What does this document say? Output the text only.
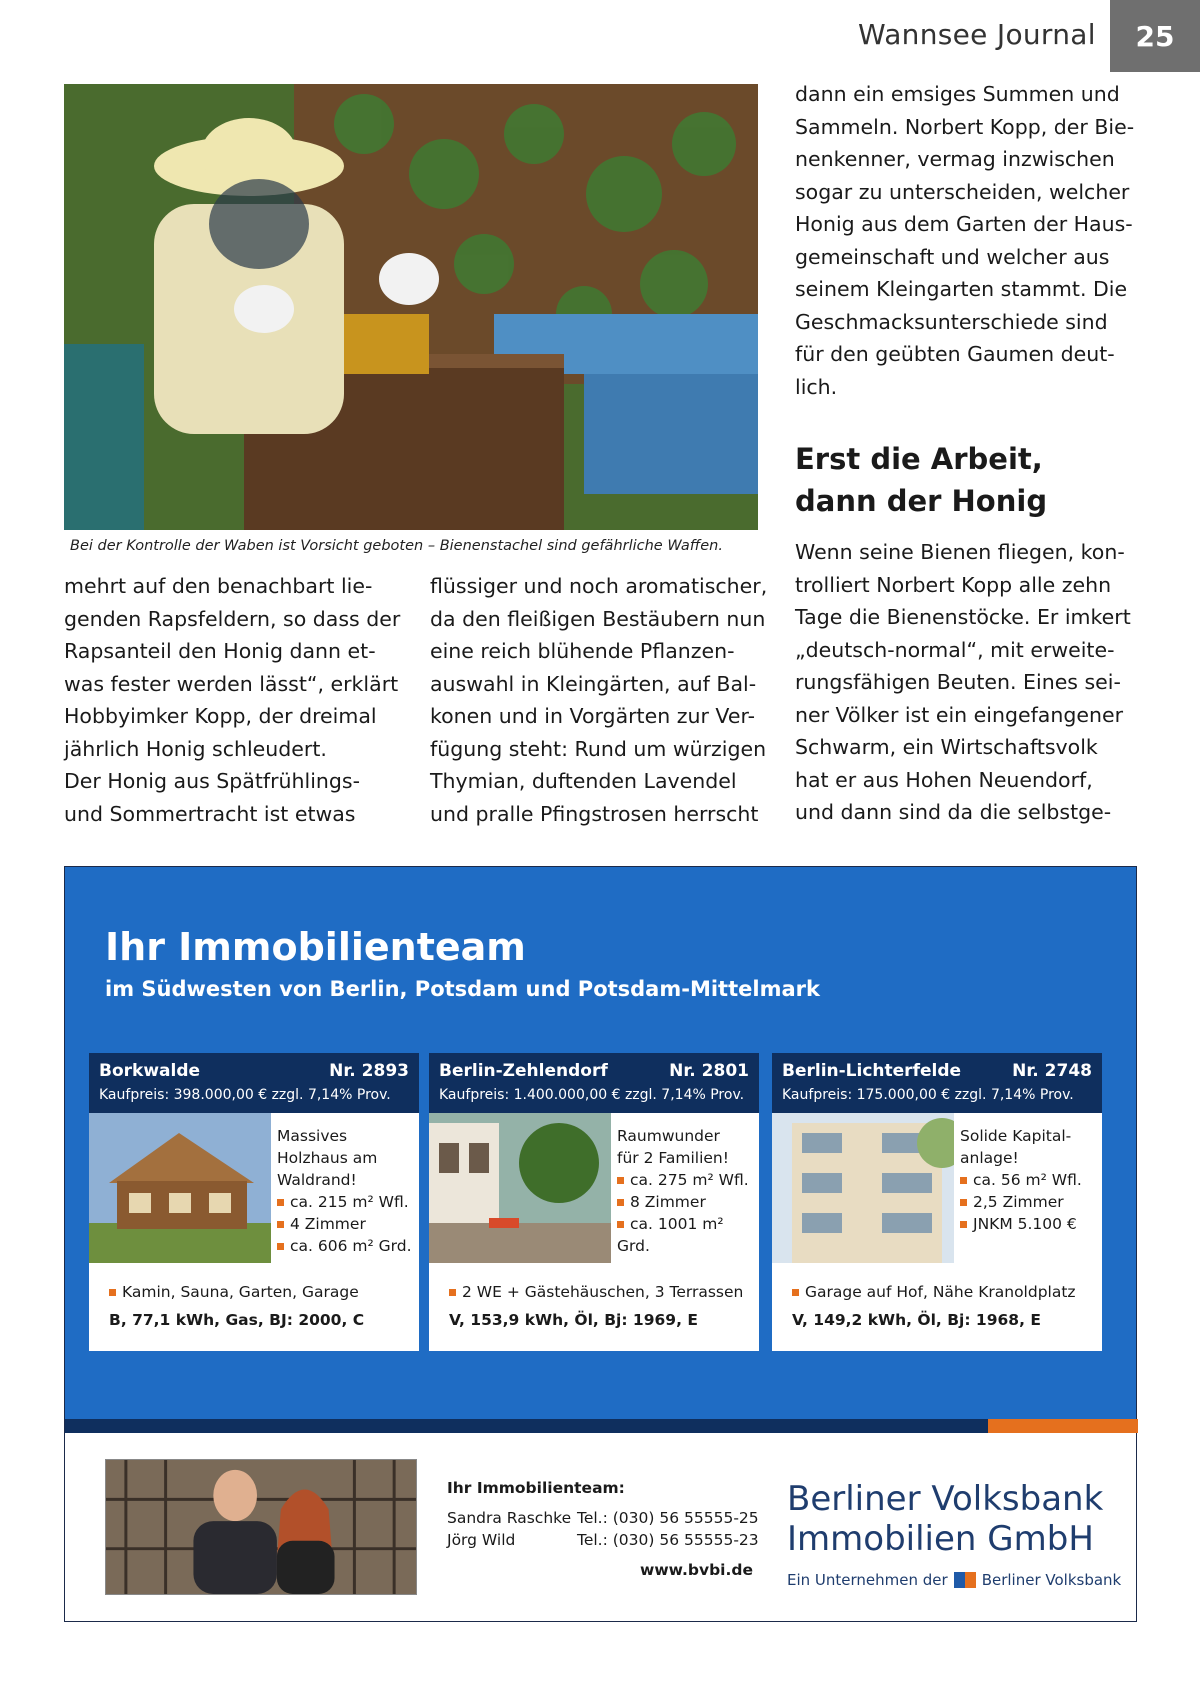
Wannsee Journal	25
Bei der Kontrolle der Waben ist Vorsicht geboten – Bienenstachel sind gefährliche Waffen.

mehrt auf den benachbart lie-
genden Rapsfeldern, so dass der
Rapsanteil den Honig dann et-
was fester werden lässt“, erklärt
Hobbyimker Kopp, der dreimal
jährlich Honig schleudert.
Der Honig aus Spätfrühlings-
und Sommertracht ist etwas

flüssiger und noch aromatischer,
da den fleißigen Bestäubern nun
eine reich blühende Pflanzen-
auswahl in Kleingärten, auf Bal-
konen und in Vorgärten zur Ver-
fügung steht: Rund um würzigen
Thymian, duftenden Lavendel
und pralle Pfingstrosen herrscht

dann ein emsiges Summen und
Sammeln. Norbert Kopp, der Bie-
nenkenner, vermag inzwischen
sogar zu unterscheiden, welcher
Honig aus dem Garten der Haus-
gemeinschaft und welcher aus
seinem Kleingarten stammt. Die
Geschmacksunterschiede sind
für den geübten Gaumen deut-
lich.

Erst die Arbeit,
dann der Honig

Wenn seine Bienen fliegen, kon-
trolliert Norbert Kopp alle zehn
Tage die Bienenstöcke. Er imkert
„deutsch-normal“, mit erweite-
rungsfähigen Beuten. Eines sei-
ner Völker ist ein eingefangener
Schwarm, ein Wirtschaftsvolk
hat er aus Hohen Neuendorf,
und dann sind da die selbstge-

Ihr Immobilienteam
im Südwesten von Berlin, Potsdam und Potsdam-Mittelmark
Borkwalde	Nr. 2893
Kaufpreis: 398.000,00 € zzgl. 7,14% Prov.
Massives
Holzhaus am
Waldrand!
ca. 215 m² Wfl.
4 Zimmer
ca. 606 m² Grd.
Kamin, Sauna, Garten, Garage
B, 77,1 kWh, Gas, BJ: 2000, C
Berlin-Zehlendorf	Nr. 2801
Kaufpreis: 1.400.000,00 € zzgl. 7,14% Prov.
Raumwunder
für 2 Familien!
ca. 275 m² Wfl.
8 Zimmer
ca. 1001 m² Grd.
2 WE + Gästehäuschen, 3 Terrassen
V, 153,9 kWh, Öl, Bj: 1969, E
Berlin-Lichterfelde	Nr. 2748
Kaufpreis: 175.000,00 € zzgl. 7,14% Prov.
Solide Kapital-
anlage!
ca. 56 m² Wfl.
2,5 Zimmer
JNKM 5.100 €
Garage auf Hof, Nähe Kranoldplatz
V, 149,2 kWh, Öl, Bj: 1968, E
Ihr Immobilienteam:
Sandra Raschke Tel.: (030) 56 55555-25
Jörg Wild	Tel.: (030) 56 55555-23
www.bvbi.de
Berliner Volksbank
Immobilien GmbH
Ein Unternehmen der Berliner Volksbank
